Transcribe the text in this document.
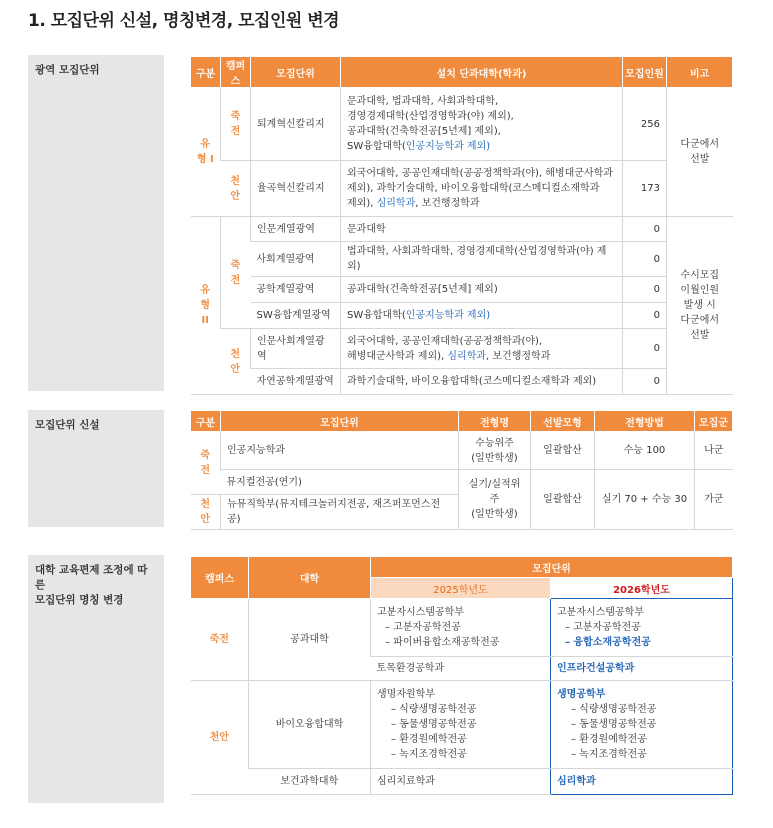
1. 모집단위 신설, 명칭변경, 모집인원 변경
광역 모집단위	구분	캠퍼스	모집단위	설치 단과대학(학과)	모집인원	비고
유형 I	죽전	퇴계혁신칼리지	문과대학, 법과대학, 사회과학대학,
경영경제대학(산업경영학과(야) 제외),
공과대학(건축학전공[5년제] 제외),
SW융합대학(인공지능학과 제외)	256	다군에서
선발
	천안	율곡혁신칼리지	외국어대학, 공공인재대학(공공정책학과(야), 해병대군사학과
제외), 과학기술대학, 바이오융합대학(코스메디컬소재학과
제외), 심리학과, 보건행정학과	173	
유형 II	죽전	인문계열광역	문과대학	0	수시모집
이월인원
발생 시
다군에서
선발
		사회계열광역	법과대학, 사회과학대학, 경영경제대학(산업경영학과(야) 제외)	0	
		공학계열광역	공과대학(건축학전공[5년제] 제외)	0	
		SW융합계열광역	SW융합대학(인공지능학과 제외)	0	
	천안	인문사회계열광역	외국어대학, 공공인재대학(공공정책학과(야),
해병대군사학과 제외), 심리학과, 보건행정학과	0	
		자연공학계열광역	과학기술대학, 바이오융합대학(코스메디컬소재학과 제외)	0	
모집단위 신설	구분	모집단위	전형명	선발모형	전형방법	모집군
죽전	인공지능학과	수능위주
(일반학생)	일괄합산	수능 100	나군
	뮤지컬전공(연기)	실기/실적위주
(일반학생)	일괄합산	실기 70 + 수능 30	가군
천안	뉴뮤직학부(뮤지테크놀러지전공, 재즈퍼포먼스전공)				
대학 교육편제 조정에 따른
모집단위 명칭 변경
캠퍼스	대학	모집단위	
		2025학년도	2026학년도
죽전	공과대학	고분자시스템공학부
– 고분자공학전공
– 파이버융합소재공학전공	고분자시스템공학부
– 고분자공학전공
– 융합소재공학전공

		토목환경공학과	인프라건설공학과
천안	바이오융합대학	생명자원학부
– 식량생명공학전공
– 동물생명공학전공
– 환경원예학전공
– 녹지조경학전공	생명공학부
– 식량생명공학전공
– 동물생명공학전공
– 환경원예학전공
– 녹지조경학전공

	보건과학대학	심리치료학과	심리학과
